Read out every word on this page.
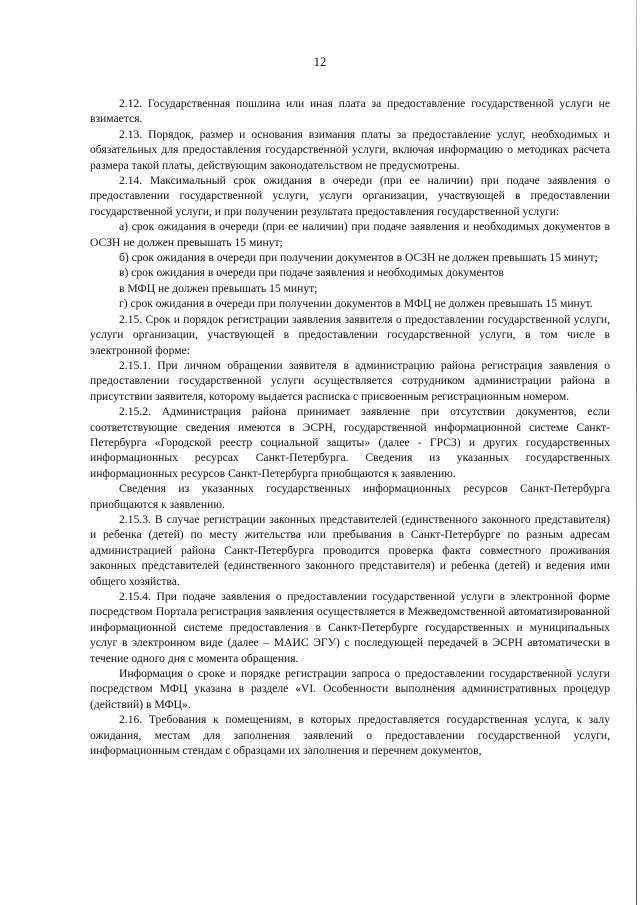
12

2.12. Государственная пошлина или иная плата за предоставление государственной услуги не взимается.

2.13. Порядок, размер и основания взимания платы за предоставление услуг, необходимых и обязательных для предоставления государственной услуги, включая информацию о методиках расчета размера такой платы, действующим законодательством не предусмотрены.

2.14. Максимальный срок ожидания в очереди (при ее наличии) при подаче заявления о предоставлении государственной услуги, услуги организации, участвующей в предоставлении государственной услуги, и при получении результата предоставления государственной услуги:

а) срок ожидания в очереди (при ее наличии) при подаче заявления и необходимых документов в ОСЗН не должен превышать 15 минут;

б) срок ожидания в очереди при получении документов в ОСЗН не должен превышать 15 минут;

в) срок ожидания в очереди при подаче заявления и необходимых документов

в МФЦ не должен превышать 15 минут;

г) срок ожидания в очереди при получении документов в МФЦ не должен превышать 15 минут.

2.15. Срок и порядок регистрации заявления заявителя о предоставлении государственной услуги, услуги организации, участвующей в предоставлении государственной услуги, в том числе в электронной форме:

2.15.1. При личном обращении заявителя в администрацию района регистрация заявления о предоставлении государственной услуги осуществляется сотрудником администрации района в присутствии заявителя, которому выдается расписка с присвоенным регистрационным номером.

2.15.2. Администрация района принимает заявление при отсутствии документов, если соответствующие сведения имеются в ЭСРН, государственной информационной системе Санкт-Петербурга «Городской реестр социальной защиты» (далее - ГРСЗ) и других государственных информационных ресурсах Санкт-Петербурга. Сведения из указанных государственных информационных ресурсов Санкт-Петербурга приобщаются к заявлению.

Сведения из указанных государственных информационных ресурсов Санкт-Петербурга приобщаются к заявлению.

2.15.3. В случае регистрации законных представителей (единственного законного представителя) и ребенка (детей) по месту жительства или пребывания в Санкт-Петербурге по разным адресам администрацией района Санкт-Петербурга проводится проверка факта совместного проживания законных представителей (единственного законного представителя) и ребенка (детей) и ведения ими общего хозяйства.

2.15.4. При подаче заявления о предоставлении государственной услуги в электронной форме посредством Портала регистрация заявления осуществляется в Межведомственной автоматизированной информационной системе предоставления в Санкт-Петербурге государственных и муниципальных услуг в электронном виде (далее – МАИС ЭГУ) с последующей передачей в ЭСРН автоматически в течение одного дня с момента обращения.

Информация о сроке и порядке регистрации запроса о предоставлении государственной услуги посредством МФЦ указана в разделе «VI. Особенности выполнения административных процедур (действий) в МФЦ».

2.16. Требования к помещениям, в которых предоставляется государственная услуга, к залу ожидания, местам для заполнения заявлений о предоставлении государственной услуги, информационным стендам с образцами их заполнения и перечнем документов,
